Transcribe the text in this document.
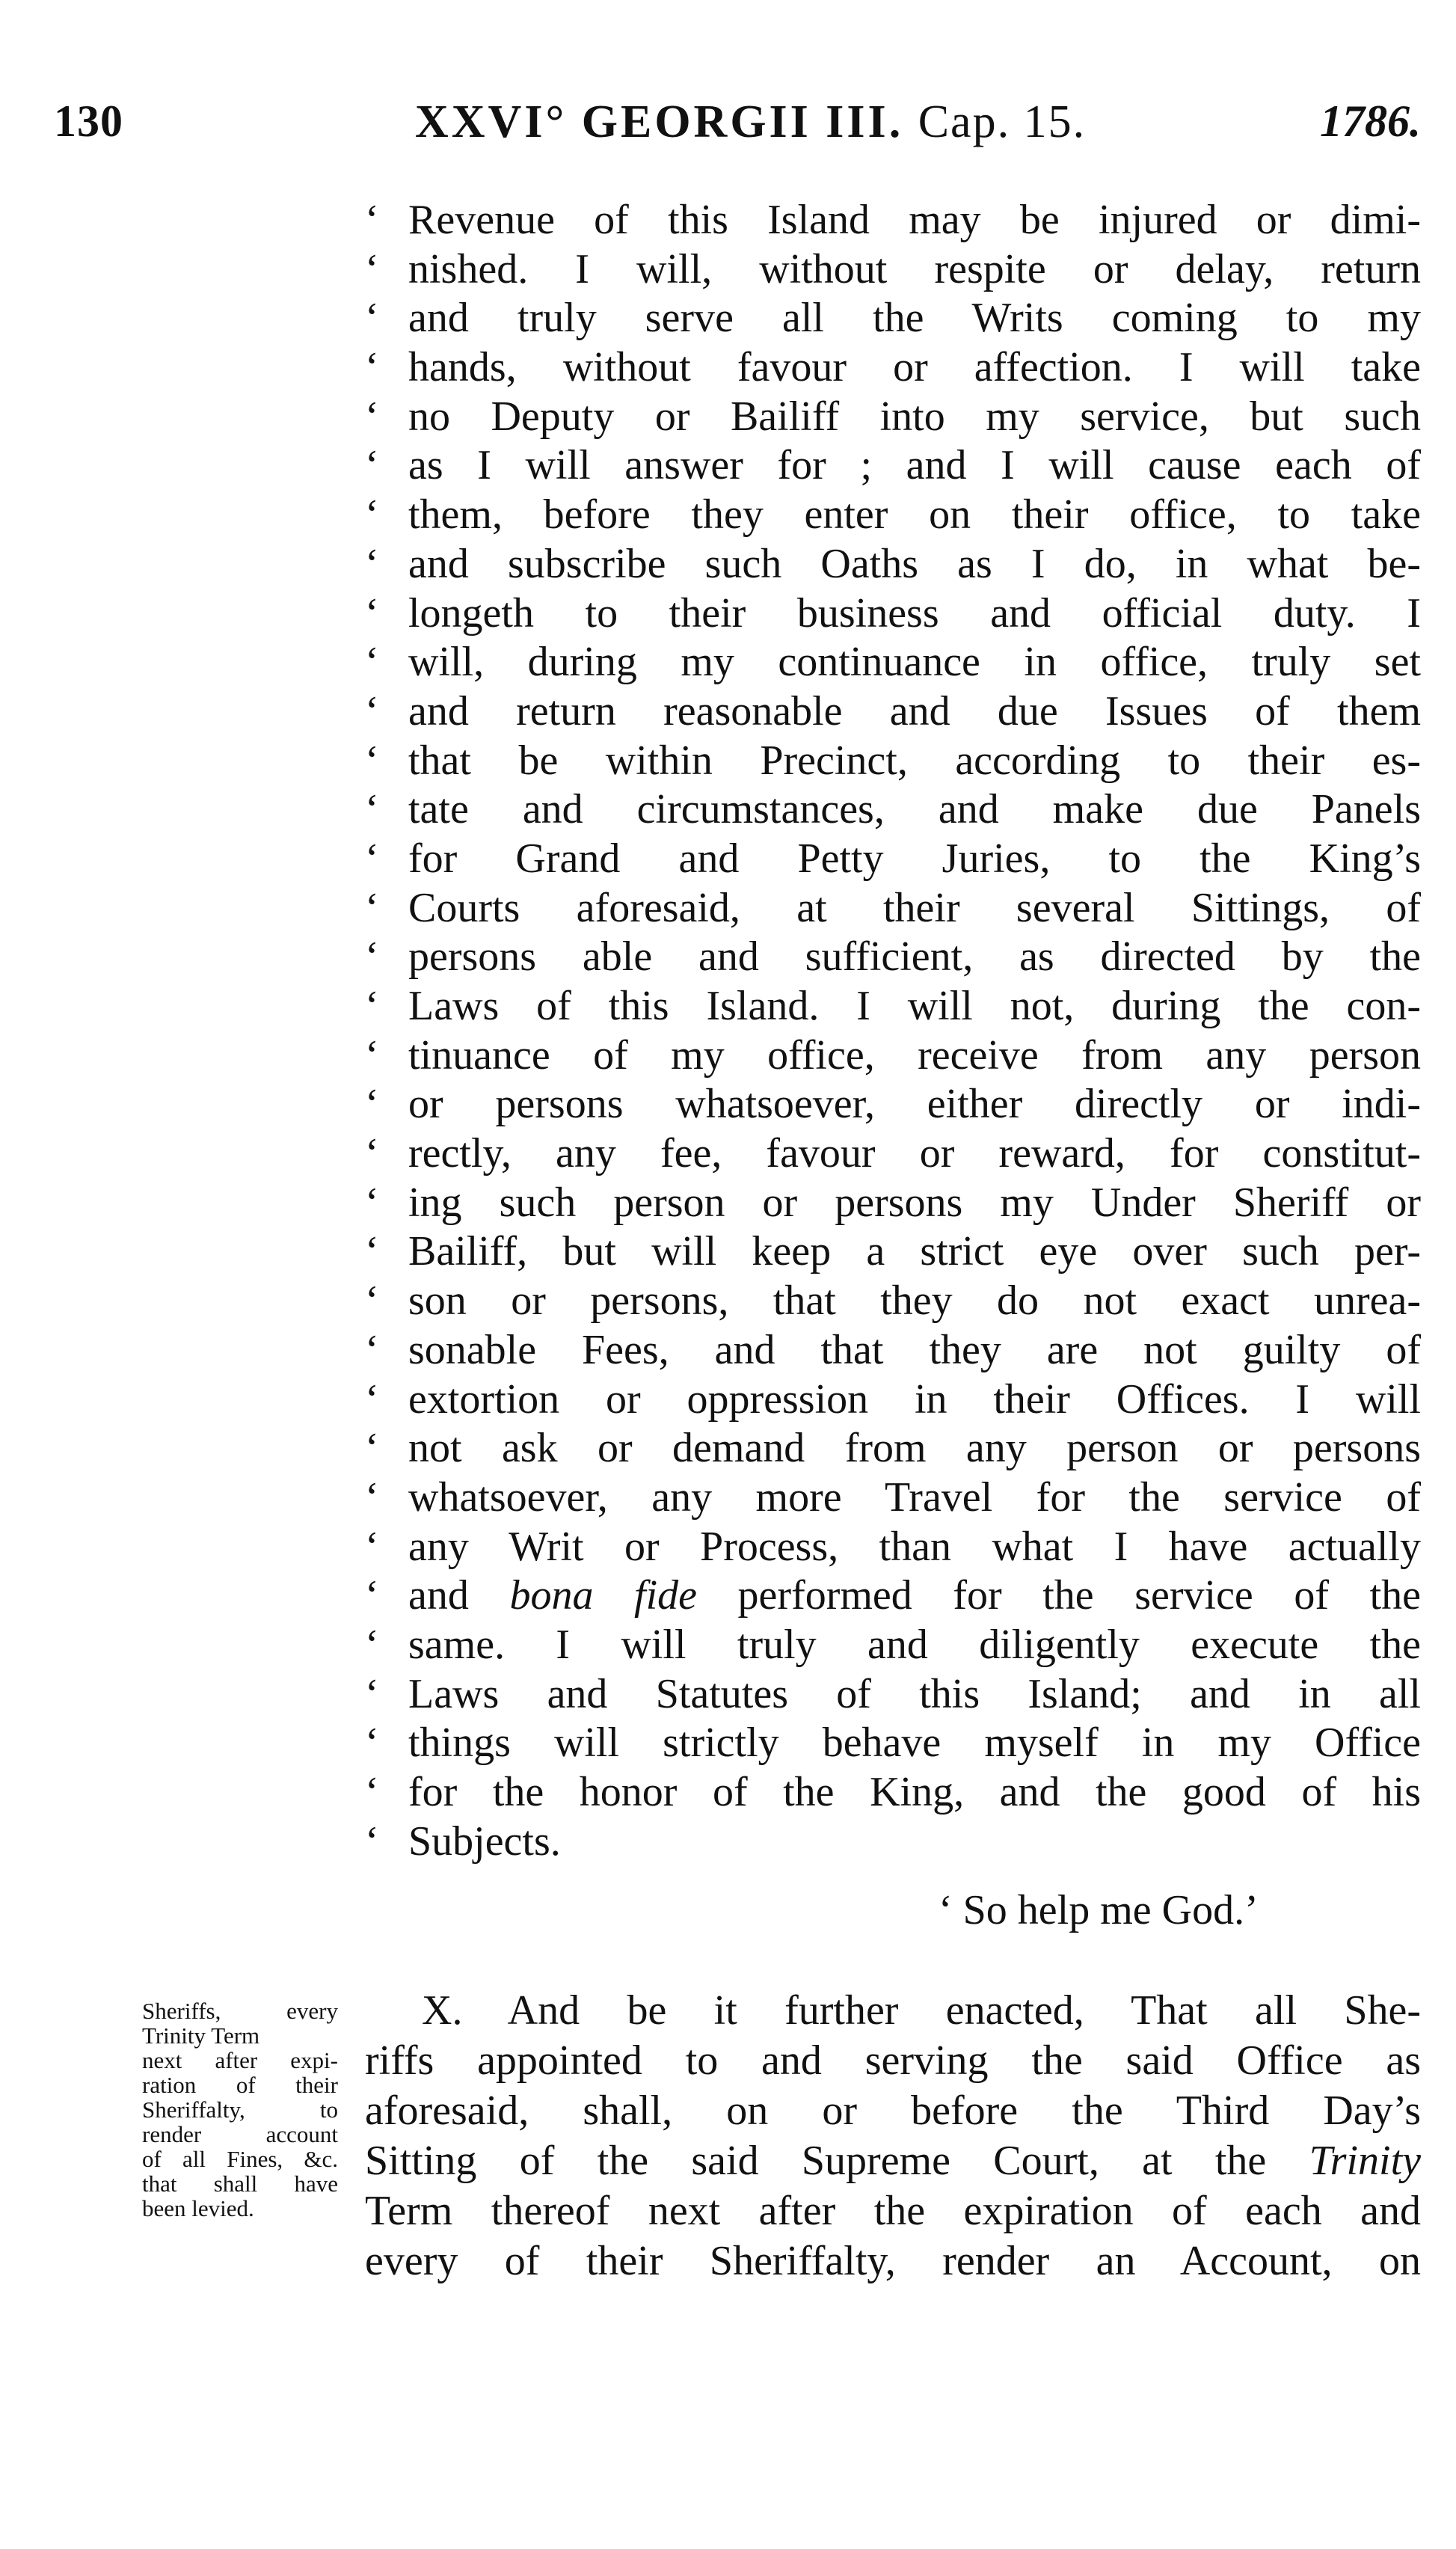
130	XXVI° GEORGII III. Cap. 15.	1786.
‘ Revenue of this Island may be injured or dimi-
‘ nished. I will, without respite or delay, return
‘ and truly serve all the Writs coming to my
‘ hands, without favour or affection. I will take
‘ no Deputy or Bailiff into my service, but such
‘ as I will answer for ; and I will cause each of
‘ them, before they enter on their office, to take
‘ and subscribe such Oaths as I do, in what be-
‘ longeth to their business and official duty. I
‘ will, during my continuance in office, truly set
‘ and return reasonable and due Issues of them
‘ that be within Precinct, according to their es-
‘ tate and circumstances, and make due Panels
‘ for Grand and Petty Juries, to the King’s
‘ Courts aforesaid, at their several Sittings, of
‘ persons able and sufficient, as directed by the
‘ Laws of this Island. I will not, during the con-
‘ tinuance of my office, receive from any person
‘ or persons whatsoever, either directly or indi-
‘ rectly, any fee, favour or reward, for constitut-
‘ ing such person or persons my Under Sheriff or
‘ Bailiff, but will keep a strict eye over such per-
‘ son or persons, that they do not exact unrea-
‘ sonable Fees, and that they are not guilty of
‘ extortion or oppression in their Offices. I will
‘ not ask or demand from any person or persons
‘ whatsoever, any more Travel for the service of
‘ any Writ or Process, than what I have actually
‘ and bona fide performed for the service of the
‘ same. I will truly and diligently execute the
‘ Laws and Statutes of this Island; and in all
‘ things will strictly behave myself in my Office
‘ for the honor of the King, and the good of his
‘ Subjects.
‘ So help me God.’
Sheriffs, every
Trinity Term
next after expi-
ration of their
Sheriffalty, to
render account
of all Fines, &c.
that shall have
been levied.
X. And be it further enacted, That all She-
riffs appointed to and serving the said Office as
aforesaid, shall, on or before the Third Day’s
Sitting of the said Supreme Court, at the Trinity
Term thereof next after the expiration of each and
every of their Sheriffalty, render an Account, on
